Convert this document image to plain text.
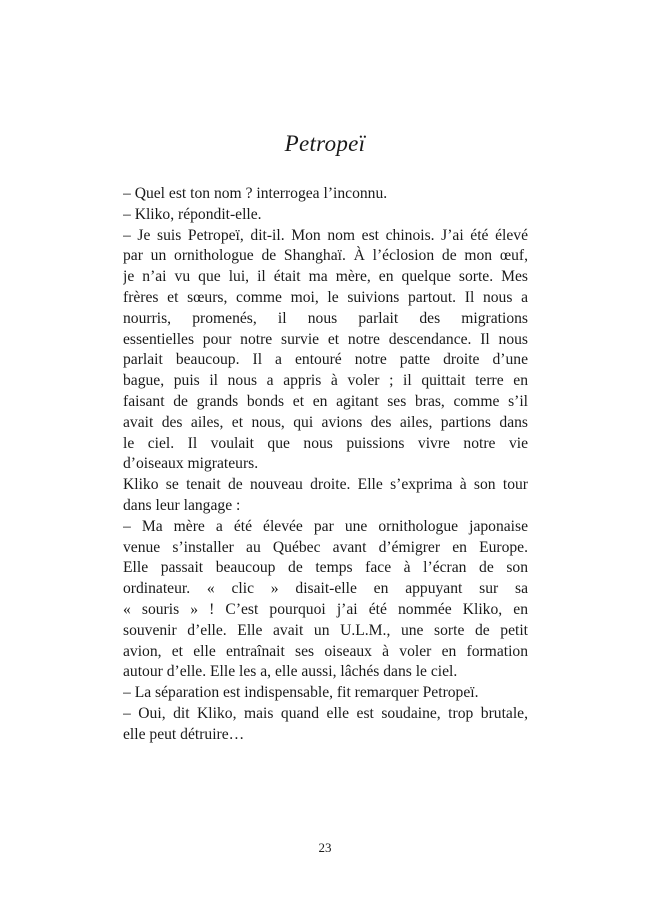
Petropeï
– Quel est ton nom ? interrogea l’inconnu.
– Kliko, répondit-elle.
– Je suis Petropeï, dit-il. Mon nom est chinois. J’ai été élevé
par un ornithologue de Shanghaï. À l’éclosion de mon œuf,
je n’ai vu que lui, il était ma mère, en quelque sorte. Mes
frères et sœurs, comme moi, le suivions partout. Il nous a
nourris, promenés, il nous parlait des migrations
essentielles pour notre survie et notre descendance. Il nous
parlait beaucoup. Il a entouré notre patte droite d’une
bague, puis il nous a appris à voler ; il quittait terre en
faisant de grands bonds et en agitant ses bras, comme s’il
avait des ailes, et nous, qui avions des ailes, partions dans
le ciel. Il voulait que nous puissions vivre notre vie
d’oiseaux migrateurs.
Kliko se tenait de nouveau droite. Elle s’exprima à son tour
dans leur langage :
– Ma mère a été élevée par une ornithologue japonaise
venue s’installer au Québec avant d’émigrer en Europe.
Elle passait beaucoup de temps face à l’écran de son
ordinateur. « clic » disait-elle en appuyant sur sa
« souris » ! C’est pourquoi j’ai été nommée Kliko, en
souvenir d’elle. Elle avait un U.L.M., une sorte de petit
avion, et elle entraînait ses oiseaux à voler en formation
autour d’elle. Elle les a, elle aussi, lâchés dans le ciel.
– La séparation est indispensable, fit remarquer Petropeï.
– Oui, dit Kliko, mais quand elle est soudaine, trop brutale,
elle peut détruire…
23
